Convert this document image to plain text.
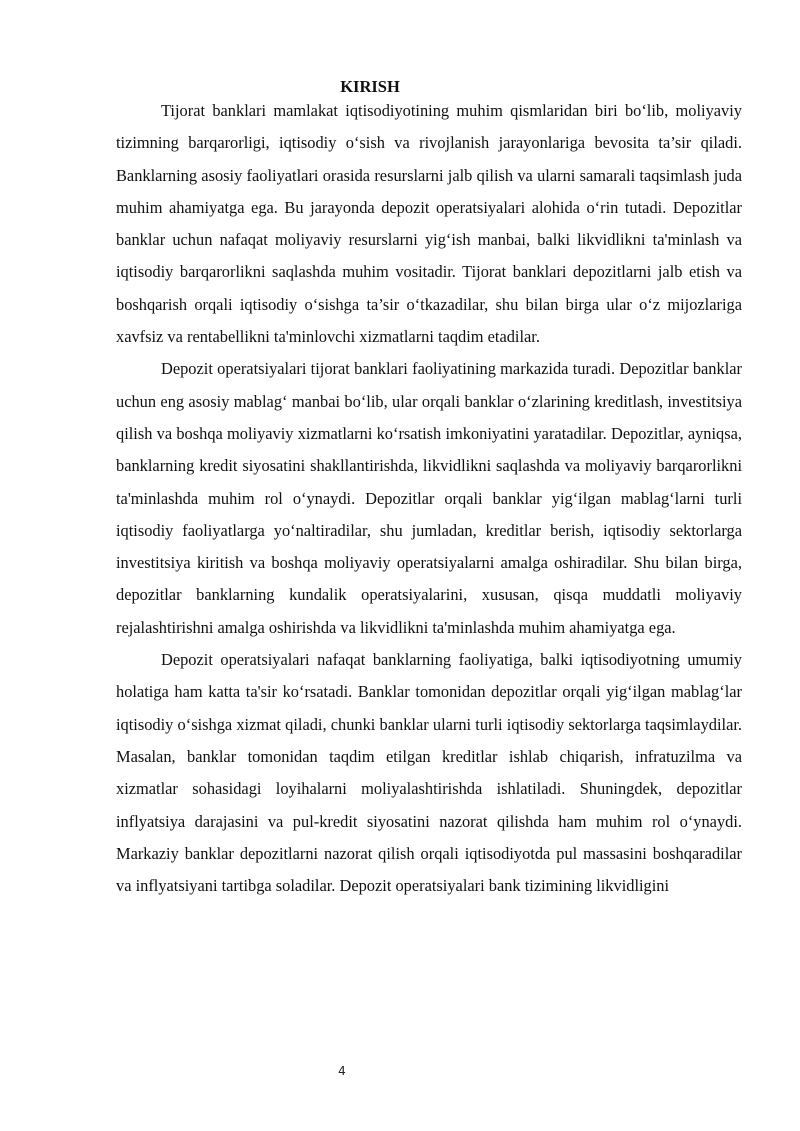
KIRISH

Tijorat banklari mamlakat iqtisodiyotining muhim qismlaridan biri bo‘lib, moliyaviy tizimning barqarorligi, iqtisodiy o‘sish va rivojlanish jarayonlariga bevosita ta’sir qiladi. Banklarning asosiy faoliyatlari orasida resurslarni jalb qilish va ularni samarali taqsimlash juda muhim ahamiyatga ega. Bu jarayonda depozit operatsiyalari alohida o‘rin tutadi. Depozitlar banklar uchun nafaqat moliyaviy resurslarni yig‘ish manbai, balki likvidlikni ta'minlash va iqtisodiy barqarorlikni saqlashda muhim vositadir. Tijorat banklari depozitlarni jalb etish va boshqarish orqali iqtisodiy o‘sishga ta’sir o‘tkazadilar, shu bilan birga ular o‘z mijozlariga xavfsiz va rentabellikni ta'minlovchi xizmatlarni taqdim etadilar.

Depozit operatsiyalari tijorat banklari faoliyatining markazida turadi. Depozitlar banklar uchun eng asosiy mablag‘ manbai bo‘lib, ular orqali banklar o‘zlarining kreditlash, investitsiya qilish va boshqa moliyaviy xizmatlarni ko‘rsatish imkoniyatini yaratadilar. Depozitlar, ayniqsa, banklarning kredit siyosatini shakllantirishda, likvidlikni saqlashda va moliyaviy barqarorlikni ta'minlashda muhim rol o‘ynaydi. Depozitlar orqali banklar yig‘ilgan mablag‘larni turli iqtisodiy faoliyatlarga yo‘naltiradilar, shu jumladan, kreditlar berish, iqtisodiy sektorlarga investitsiya kiritish va boshqa moliyaviy operatsiyalarni amalga oshiradilar. Shu bilan birga, depozitlar banklarning kundalik operatsiyalarini, xususan, qisqa muddatli moliyaviy rejalashtirishni amalga oshirishda va likvidlikni ta'minlashda muhim ahamiyatga ega.

Depozit operatsiyalari nafaqat banklarning faoliyatiga, balki iqtisodiyotning umumiy holatiga ham katta ta'sir ko‘rsatadi. Banklar tomonidan depozitlar orqali yig‘ilgan mablag‘lar iqtisodiy o‘sishga xizmat qiladi, chunki banklar ularni turli iqtisodiy sektorlarga taqsimlaydilar. Masalan, banklar tomonidan taqdim etilgan kreditlar ishlab chiqarish, infratuzilma va xizmatlar sohasidagi loyihalarni moliyalashtirishda ishlatiladi. Shuningdek, depozitlar inflyatsiya darajasini va pul-kredit siyosatini nazorat qilishda ham muhim rol o‘ynaydi. Markaziy banklar depozitlarni nazorat qilish orqali iqtisodiyotda pul massasini boshqaradilar va inflyatsiyani tartibga soladilar. Depozit operatsiyalari bank tizimining likvidligini

4
